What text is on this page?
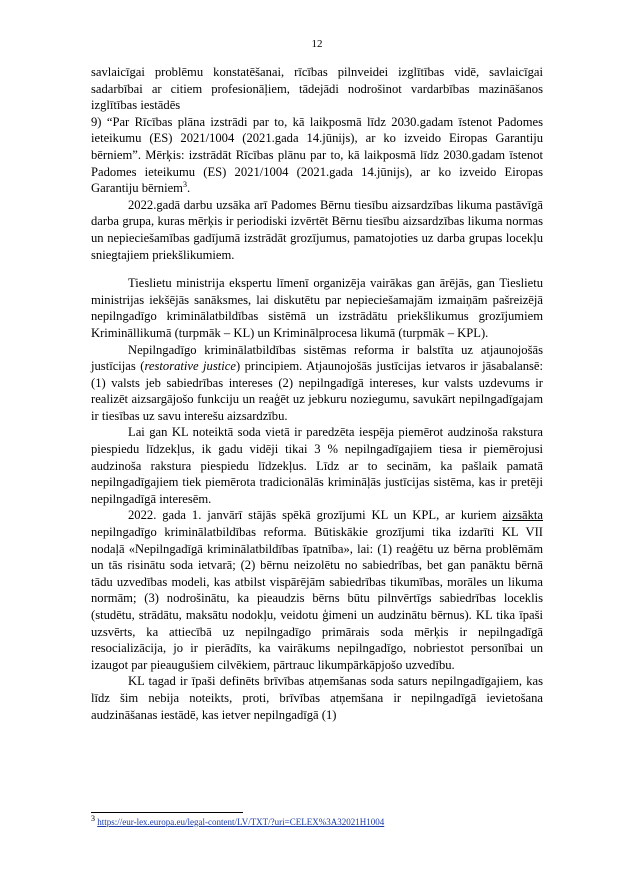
12

savlaicīgai problēmu konstatēšanai, rīcības pilnveidei izglītības vidē, savlaicīgai sadarbībai ar citiem profesionāļiem, tādejādi nodrošinot vardarbības mazināšanos izglītības iestādēs

9) “Par Rīcības plāna izstrādi par to, kā laikposmā līdz 2030.gadam īstenot Padomes ieteikumu (ES) 2021/1004 (2021.gada 14.jūnijs), ar ko izveido Eiropas Garantiju bērniem”. Mērķis: izstrādāt Rīcības plānu par to, kā laikposmā līdz 2030.gadam īstenot Padomes ieteikumu (ES) 2021/1004 (2021.gada 14.jūnijs), ar ko izveido Eiropas Garantiju bērniem$^3$.

2022.gadā darbu uzsāka arī Padomes Bērnu tiesību aizsardzības likuma pastāvīgā darba grupa, kuras mērķis ir periodiski izvērtēt Bērnu tiesību aizsardzības likuma normas un nepieciešamības gadījumā izstrādāt grozījumus, pamatojoties uz darba grupas locekļu sniegtajiem priekšlikumiem.

Tieslietu ministrija ekspertu līmenī organizēja vairākas gan ārējās, gan Tieslietu ministrijas iekšējās sanāksmes, lai diskutētu par nepieciešamajām izmaiņām pašreizējā nepilngadīgo kriminālatbildības sistēmā un izstrādātu priekšlikumus grozījumiem Krimināllikumā (turpmāk – KL) un Kriminālprocesa likumā (turpmāk – KPL).

Nepilngadīgo kriminālatbildības sistēmas reforma ir balstīta uz atjaunojošās justīcijas (restorative justice) principiem. Atjaunojošās justīcijas ietvaros ir jāsabalansē: (1) valsts jeb sabiedrības intereses (2) nepilngadīgā intereses, kur valsts uzdevums ir realizēt aizsargājošo funkciju un reaģēt uz jebkuru noziegumu, savukārt nepilngadīgajam ir tiesības uz savu interešu aizsardzību.

Lai gan KL noteiktā soda vietā ir paredzēta iespēja piemērot audzinoša rakstura piespiedu līdzekļus, ik gadu vidēji tikai 3 % nepilngadīgajiem tiesa ir piemērojusi audzinoša rakstura piespiedu līdzekļus. Līdz ar to secinām, ka pašlaik pamatā nepilngadīgajiem tiek piemērota tradicionālās krimināļās justīcijas sistēma, kas ir pretēji nepilngadīgā interesēm.

2022. gada 1. janvārī stājās spēkā grozījumi KL un KPL, ar kuriem aizsākta nepilngadīgo kriminālatbildības reforma. Būtiskākie grozījumi tika izdarīti KL VII nodaļā «Nepilngadīgā kriminālatbildības īpatnība», lai: (1) reaģētu uz bērna problēmām un tās risinātu soda ietvarā; (2) bērnu neizolētu no sabiedrības, bet gan panāktu bērnā tādu uzvedības modeli, kas atbilst vispārējām sabiedrības tikumības, morāles un likuma normām; (3) nodrošinātu, ka pieaudzis bērns būtu pilnvērtīgs sabiedrības loceklis (studētu, strādātu, maksātu nodokļu, veidotu ģimeni un audzinātu bērnus). KL tika īpaši uzsvērts, ka attiecībā uz nepilngadīgo primārais soda mērķis ir nepilngadīgā resocializācija, jo ir pierādīts, ka vairākums nepilngadīgo, nobriestot personībai un izaugot par pieaugušiem cilvēkiem, pārtrauc likumpārkāpjošo uzvedību.

KL tagad ir īpaši definēts brīvības atņemšanas soda saturs nepilngadīgajiem, kas līdz šim nebija noteikts, proti, brīvības atņemšana ir nepilngadīgā ievietošana audzināšanas iestādē, kas ietver nepilngadīgā (1)

$^3$ https://eur-lex.europa.eu/legal-content/LV/TXT/?uri=CELEX%3A32021H1004
